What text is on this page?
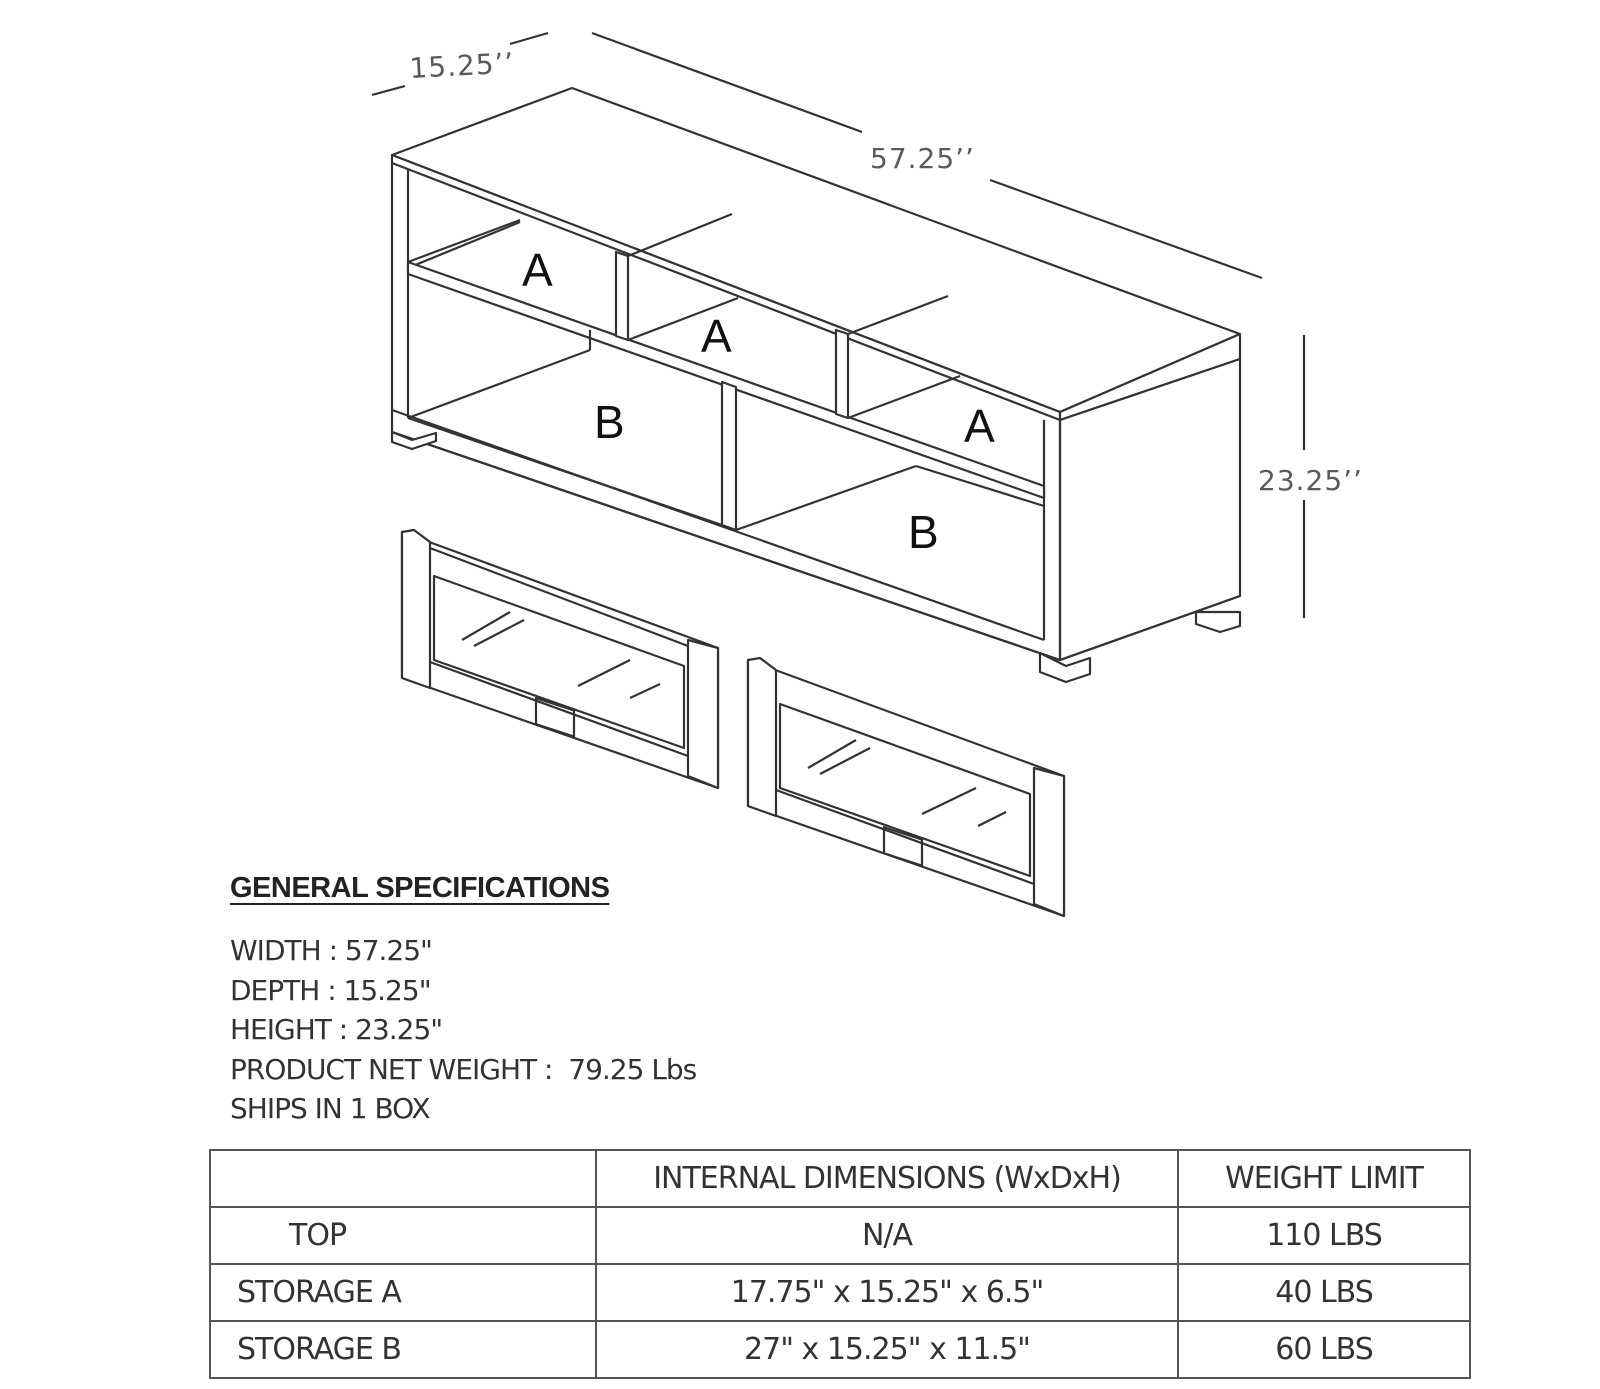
15.25’’
57.25’’
23.25’’
A
A
A
B
B
GENERAL SPECIFICATIONS
WIDTH : 57.25"
DEPTH : 15.25"
HEIGHT : 23.25"
PRODUCT NET WEIGHT :  79.25 Lbs
SHIPS IN 1 BOX
	INTERNAL DIMENSIONS (WxDxH)	WEIGHT LIMIT
TOP	N/A	110 LBS
STORAGE A	17.75" x 15.25" x 6.5"	40 LBS
STORAGE B	27" x 15.25" x 11.5"	60 LBS
